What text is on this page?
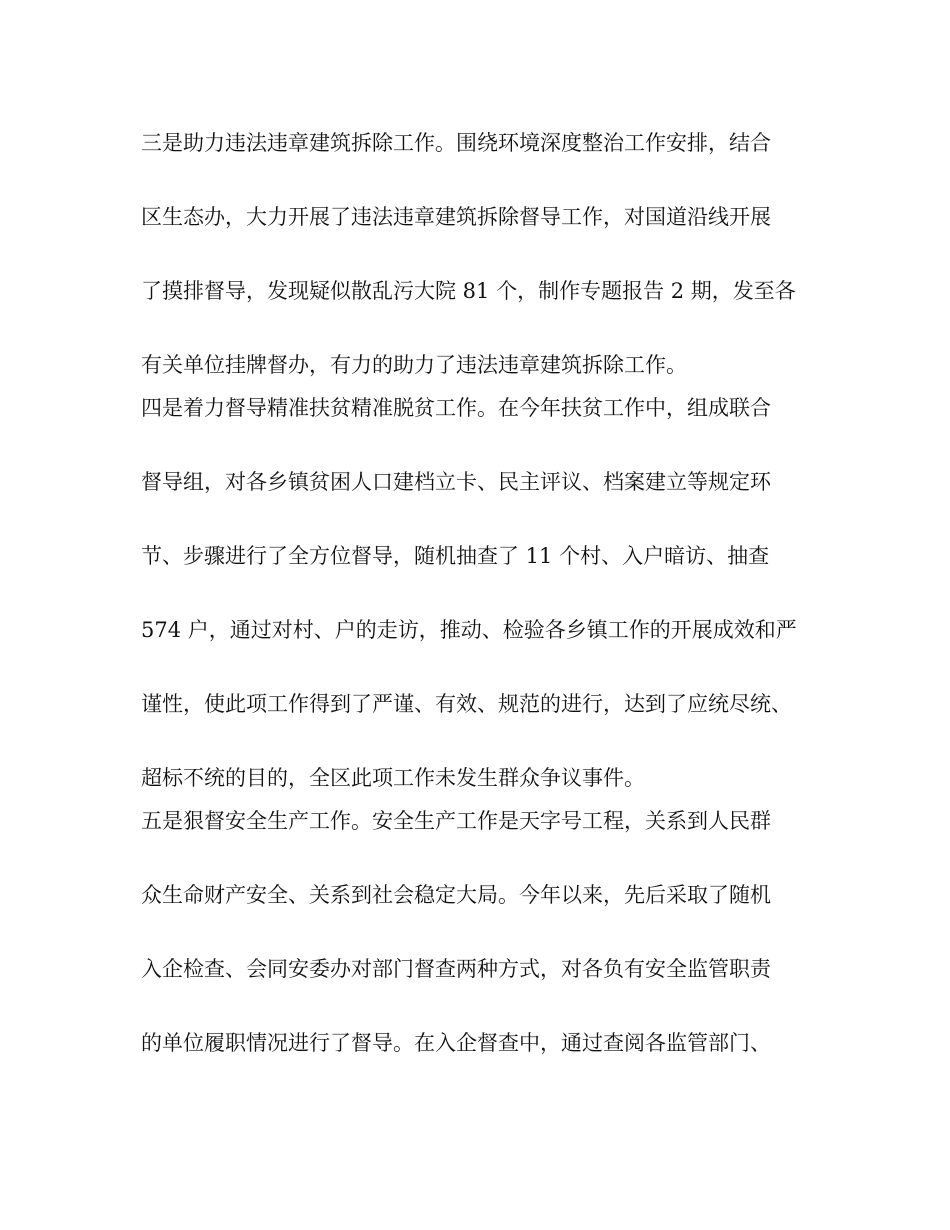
三是助力违法违章建筑拆除工作。围绕环境深度整治工作安排，结合
区生态办，大力开展了违法违章建筑拆除督导工作，对国道沿线开展
了摸排督导，发现疑似散乱污大院 81 个，制作专题报告 2 期，发至各
有关单位挂牌督办，有力的助力了违法违章建筑拆除工作。
四是着力督导精准扶贫精准脱贫工作。在今年扶贫工作中，组成联合
督导组，对各乡镇贫困人口建档立卡、民主评议、档案建立等规定环
节、步骤进行了全方位督导，随机抽查了 11 个村、入户暗访、抽查
574 户，通过对村、户的走访，推动、检验各乡镇工作的开展成效和严
谨性，使此项工作得到了严谨、有效、规范的进行，达到了应统尽统、
超标不统的目的，全区此项工作未发生群众争议事件。
五是狠督安全生产工作。安全生产工作是天字号工程，关系到人民群
众生命财产安全、关系到社会稳定大局。今年以来，先后采取了随机
入企检查、会同安委办对部门督查两种方式，对各负有安全监管职责
的单位履职情况进行了督导。在入企督查中，通过查阅各监管部门、
